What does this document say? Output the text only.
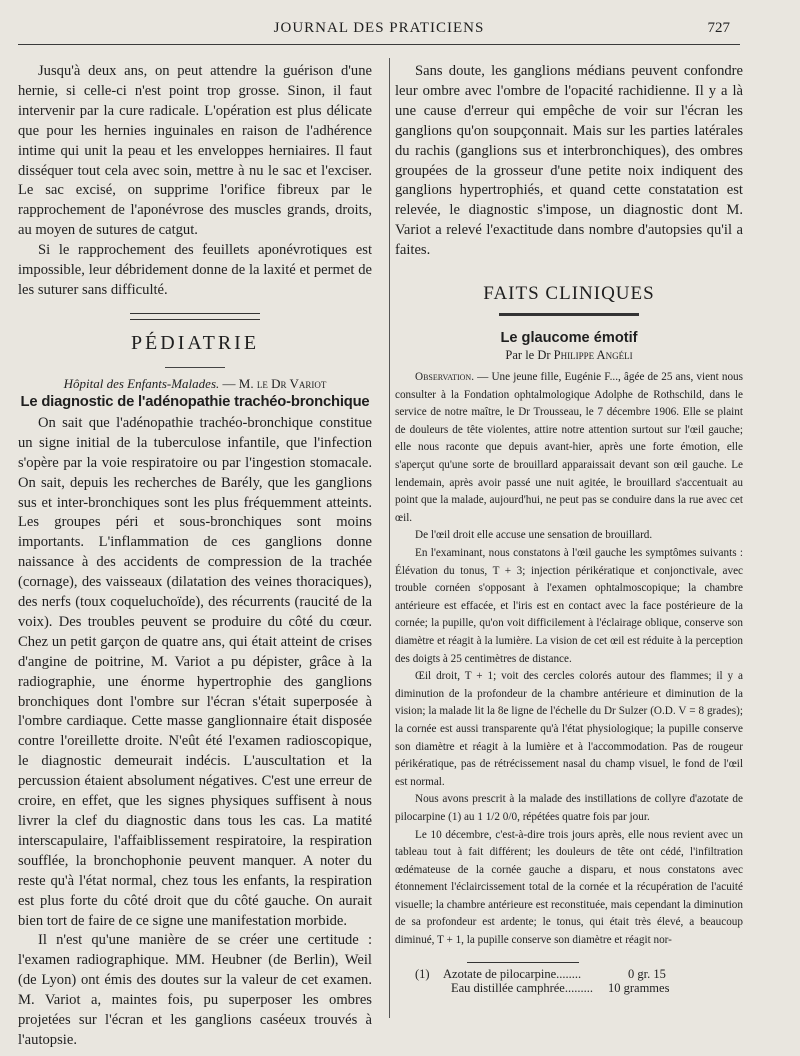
JOURNAL DES PRATICIENS	727

Jusqu'à deux ans, on peut attendre la guérison d'une hernie, si celle-ci n'est point trop grosse. Sinon, il faut intervenir par la cure radicale. L'opération est plus délicate que pour les hernies inguinales en raison de l'adhérence intime qui unit la peau et les enveloppes herniaires. Il faut disséquer tout cela avec soin, mettre à nu le sac et l'exciser. Le sac excisé, on supprime l'orifice fibreux par le rapprochement de l'aponévrose des muscles grands, droits, au moyen de sutures de catgut.

Si le rapprochement des feuillets aponévrotiques est impossible, leur débridement donne de la laxité et permet de les suturer sans difficulté.

PÉDIATRIE
Hôpital des Enfants-Malades. — M. le Dr Variot
Le diagnostic de l'adénopathie trachéo-bronchique

On sait que l'adénopathie trachéo-bronchique constitue un signe initial de la tuberculose infantile, que l'infection s'opère par la voie respiratoire ou par l'ingestion stomacale. On sait, depuis les recherches de Barély, que les ganglions sus et inter-bronchiques sont les plus fréquemment atteints. Les groupes péri et sous-bronchiques sont moins importants. L'inflammation de ces ganglions donne naissance à des accidents de compression de la trachée (cornage), des vaisseaux (dilatation des veines thoraciques), des nerfs (toux coqueluchoïde), des récurrents (raucité de la voix). Des troubles peuvent se produire du côté du cœur. Chez un petit garçon de quatre ans, qui était atteint de crises d'angine de poitrine, M. Variot a pu dépister, grâce à la radiographie, une énorme hypertrophie des ganglions bronchiques dont l'ombre sur l'écran s'était superposée à l'ombre cardiaque. Cette masse ganglionnaire était disposée contre l'oreillette droite. N'eût été l'examen radioscopique, le diagnostic demeurait indécis. L'auscultation et la percussion étaient absolument négatives. C'est une erreur de croire, en effet, que les signes physiques suffisent à nous livrer la clef du diagnostic dans tous les cas. La matité interscapulaire, l'affaiblissement respiratoire, la respiration soufflée, la bronchophonie peuvent manquer. A noter du reste qu'à l'état normal, chez tous les enfants, la respiration est plus forte du côté droit que du côté gauche. On aurait bien tort de faire de ce signe une manifestation morbide.

Il n'est qu'une manière de se créer une certitude : l'examen radiographique. MM. Heubner (de Berlin), Weil (de Lyon) ont émis des doutes sur la valeur de cet examen. M. Variot a, maintes fois, pu superposer les ombres projetées sur l'écran et les ganglions caséeux trouvés à l'autopsie.

Sans doute, les ganglions médians peuvent confondre leur ombre avec l'ombre de l'opacité rachidienne. Il y a là une cause d'erreur qui empêche de voir sur l'écran les ganglions qu'on soupçonnait. Mais sur les parties latérales du rachis (ganglions sus et interbronchiques), des ombres groupées de la grosseur d'une petite noix indiquent des ganglions hypertrophiés, et quand cette constatation est relevée, le diagnostic s'impose, un diagnostic dont M. Variot a relevé l'exactitude dans nombre d'autopsies qu'il a faites.

FAITS CLINIQUES
Le glaucome émotif
Par le Dr Philippe Angéli

Observation. — Une jeune fille, Eugénie F..., âgée de 25 ans, vient nous consulter à la Fondation ophtalmologique Adolphe de Rothschild, dans le service de notre maître, le Dr Trousseau, le 7 décembre 1906. Elle se plaint de douleurs de tête violentes, attire notre attention surtout sur l'œil gauche; elle nous raconte que depuis avant-hier, après une forte émotion, elle s'aperçut qu'une sorte de brouillard apparaissait devant son œil gauche. Le lendemain, après avoir passé une nuit agitée, le brouillard s'accentuait au point que la malade, aujourd'hui, ne peut pas se conduire dans la rue avec cet œil.

De l'œil droit elle accuse une sensation de brouillard.

En l'examinant, nous constatons à l'œil gauche les symptômes suivants : Élévation du tonus, T + 3; injection périkératique et conjonctivale, avec trouble cornéen s'opposant à l'examen ophtalmoscopique; la chambre antérieure est effacée, et l'iris est en contact avec la face postérieure de la cornée; la pupille, qu'on voit difficilement à l'éclairage oblique, conserve son diamètre et réagit à la lumière. La vision de cet œil est réduite à la perception des doigts à 25 centimètres de distance.

Œil droit, T + 1; voit des cercles colorés autour des flammes; il y a diminution de la profondeur de la chambre antérieure et diminution de la vision; la malade lit la 8e ligne de l'échelle du Dr Sulzer (O.D. V = 8 grades); la cornée est aussi transparente qu'à l'état physiologique; la pupille conserve son diamètre et réagit à la lumière et à l'accommodation. Pas de rougeur périkératique, pas de rétrécissement nasal du champ visuel, le fond de l'œil est normal.

Nous avons prescrit à la malade des instillations de collyre d'azotate de pilocarpine (1) au 1 1/2 0/0, répétées quatre fois par jour.

Le 10 décembre, c'est-à-dire trois jours après, elle nous revient avec un tableau tout à fait différent; les douleurs de tête ont cédé, l'infiltration œdémateuse de la cornée gauche a disparu, et nous constatons avec étonnement l'éclaircissement total de la cornée et la récupération de l'acuité visuelle; la chambre antérieure est reconstituée, mais cependant la diminution de sa profondeur est ardente; le tonus, qui était très élevé, a beaucoup diminué, T + 1, la pupille conserve son diamètre et réagit nor-

(1)	Azotate de pilocarpine........	0 gr. 15
Eau distillée camphrée.........	10 grammes
